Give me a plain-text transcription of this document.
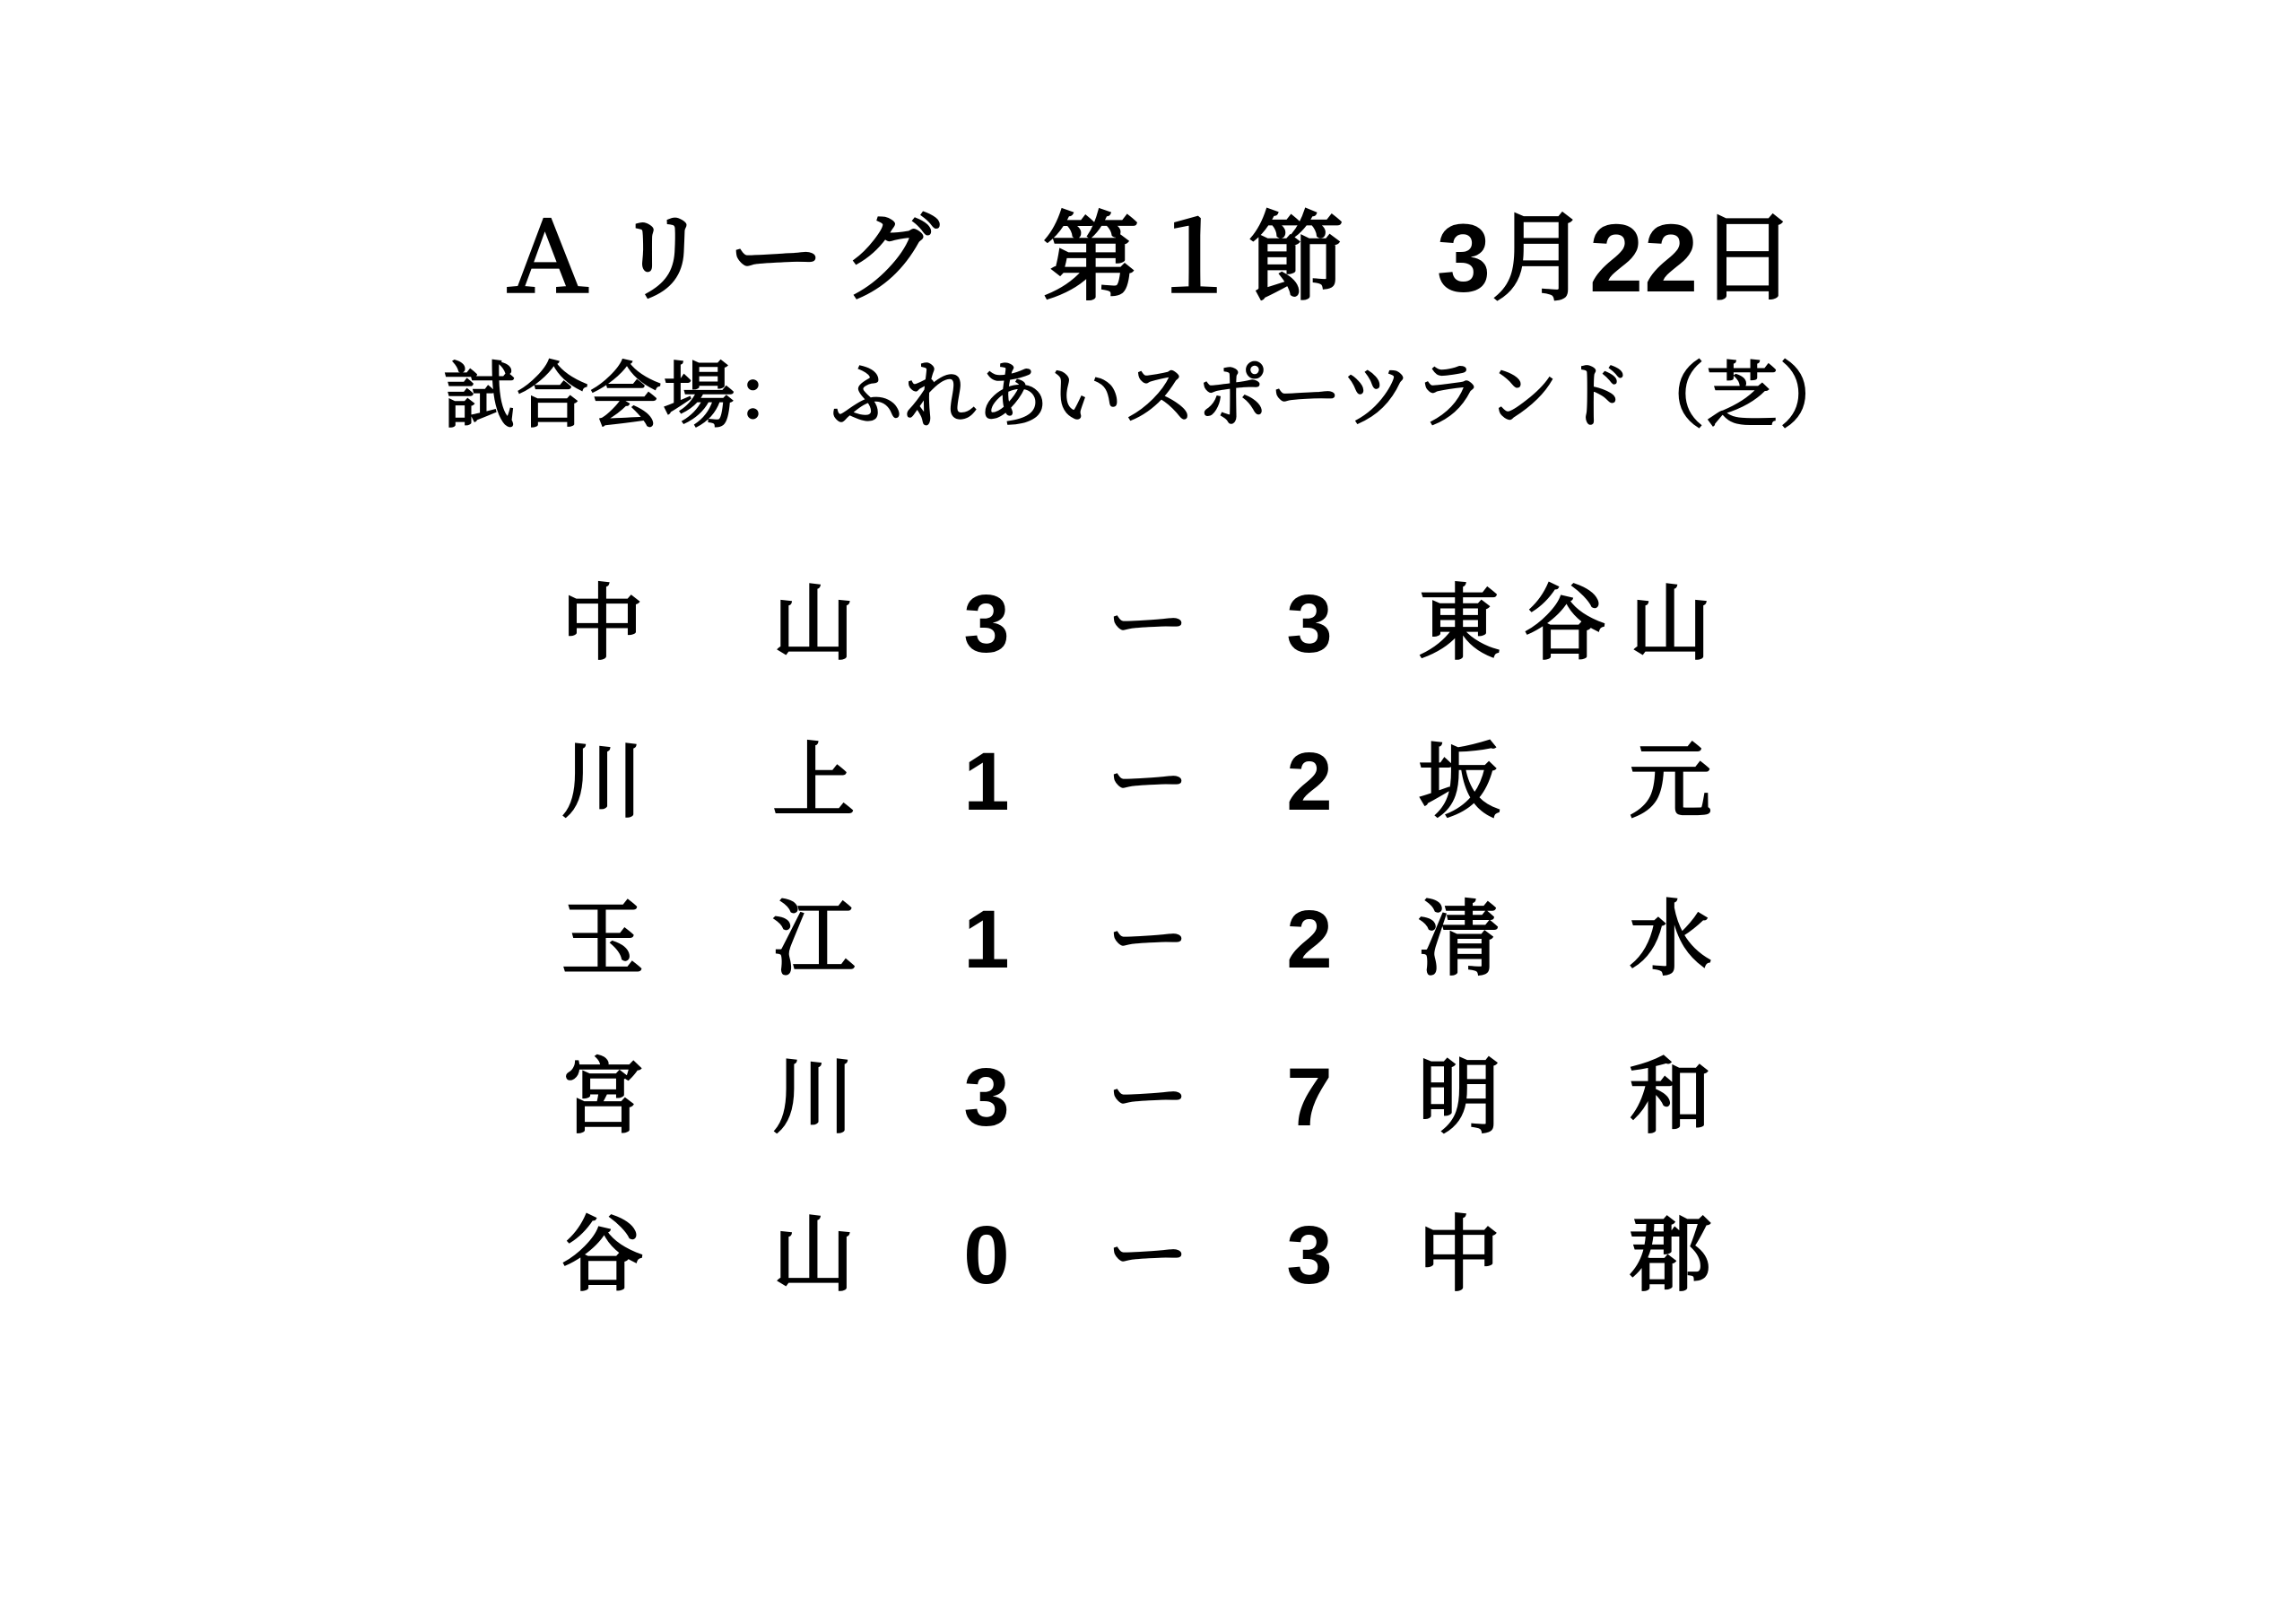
Ａリーグ 第１節 3月22日
試合会場： ふれあいスポーツランド（芝）
中　山	3	ー	3	東谷山
川　上	1	ー	2	坂　元
玉　江	1	ー	2	清　水
宮　川	3	ー	7	明　和
谷　山	0	ー	3	中　郡
